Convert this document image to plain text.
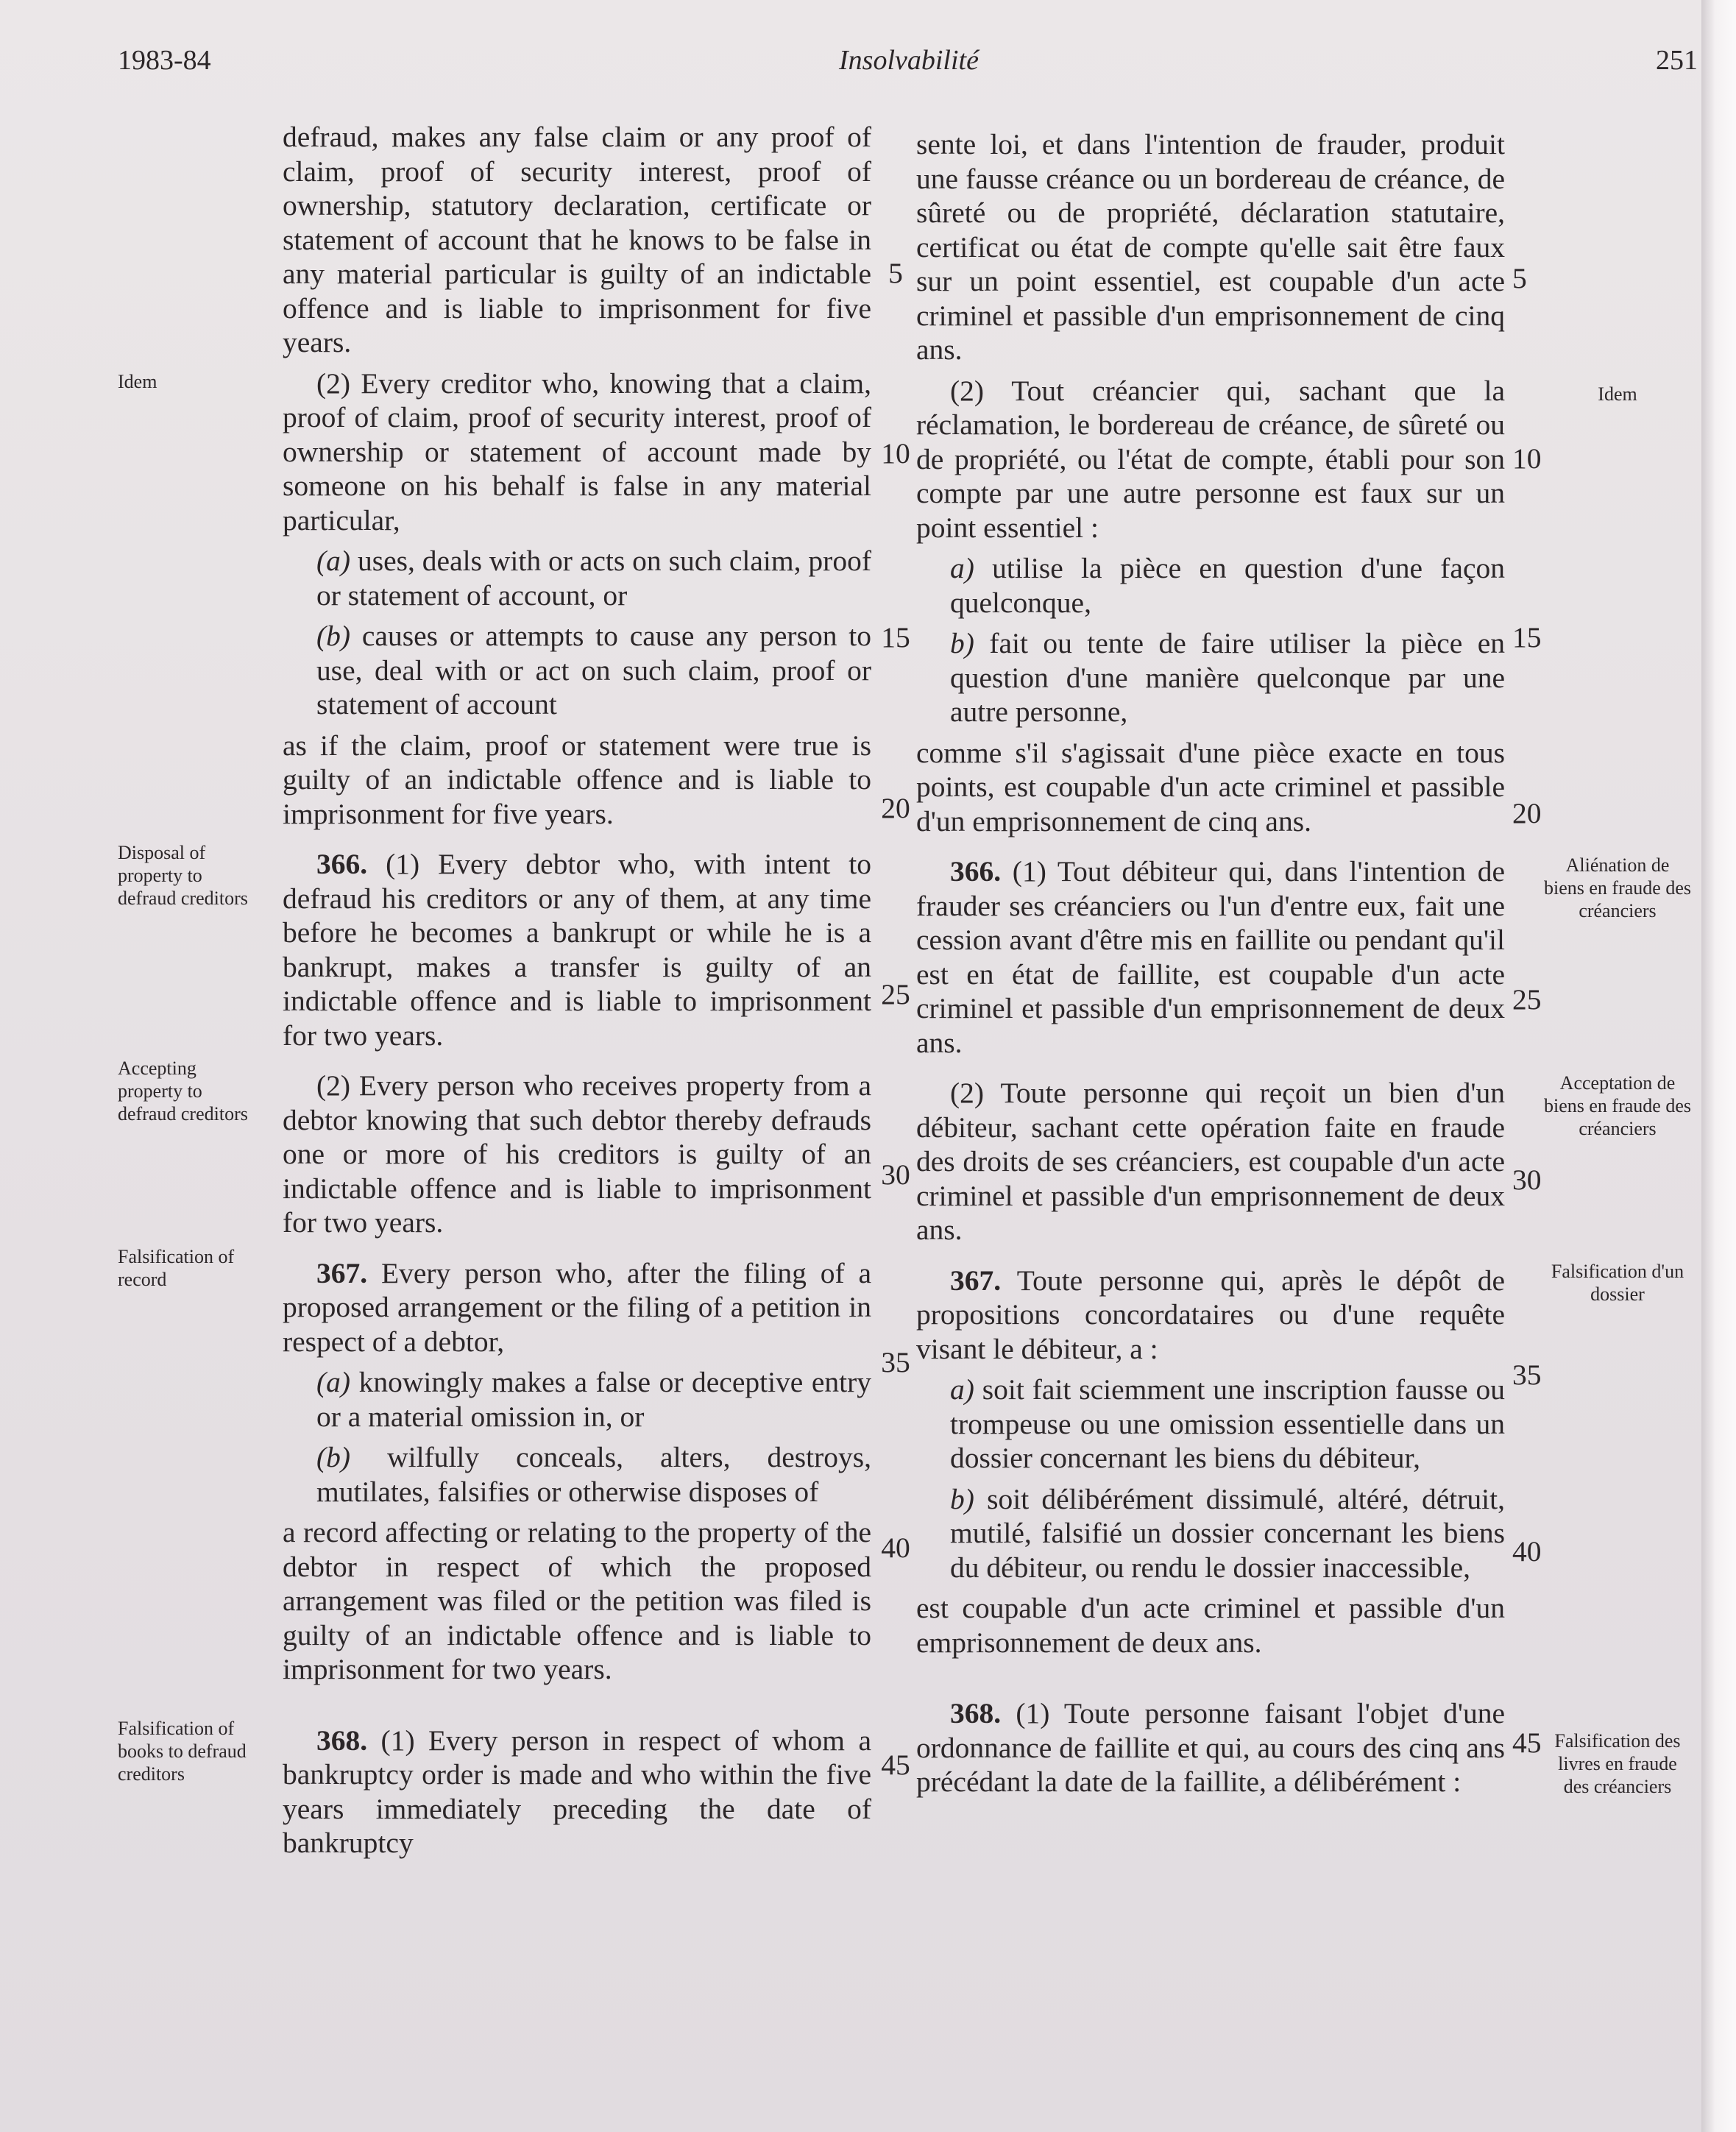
1983-84	Insolvabilité	251
Idem
Disposal of property to defraud creditors
Accepting property to defraud creditors
Falsification of record
Falsification of books to defraud creditors
Idem
Aliénation de biens en fraude des créanciers
Acceptation de biens en fraude des créanciers
Falsification d'un dossier
Falsification des livres en fraude des créanciers

defraud, makes any false claim or any proof of claim, proof of security interest, proof of ownership, statutory declaration, certificate or statement of account that he knows to be false in any material particular is guilty of an indictable offence and is liable to imprisonment for five years.

(2) Every creditor who, knowing that a claim, proof of claim, proof of security interest, proof of ownership or statement of account made by someone on his behalf is false in any material particular,

(a) uses, deals with or acts on such claim, proof or statement of account, or

(b) causes or attempts to cause any person to use, deal with or act on such claim, proof or statement of account

as if the claim, proof or statement were true is guilty of an indictable offence and is liable to imprisonment for five years.

366. (1) Every debtor who, with intent to defraud his creditors or any of them, at any time before he becomes a bankrupt or while he is a bankrupt, makes a transfer is guilty of an indictable offence and is liable to imprisonment for two years.

(2) Every person who receives property from a debtor knowing that such debtor thereby defrauds one or more of his creditors is guilty of an indictable offence and is liable to imprisonment for two years.

367. Every person who, after the filing of a proposed arrangement or the filing of a petition in respect of a debtor,

(a) knowingly makes a false or deceptive entry or a material omission in, or

(b) wilfully conceals, alters, destroys, mutilates, falsifies or otherwise disposes of

a record affecting or relating to the property of the debtor in respect of which the proposed arrangement was filed or the petition was filed is guilty of an indictable offence and is liable to imprisonment for two years.

368. (1) Every person in respect of whom a bankruptcy order is made and who within the five years immediately preceding the date of bankruptcy

sente loi, et dans l'intention de frauder, produit une fausse créance ou un bordereau de créance, de sûreté ou de propriété, déclaration statutaire, certificat ou état de compte qu'elle sait être faux sur un point essentiel, est coupable d'un acte criminel et passible d'un emprisonnement de cinq ans.

(2) Tout créancier qui, sachant que la réclamation, le bordereau de créance, de sûreté ou de propriété, ou l'état de compte, établi pour son compte par une autre personne est faux sur un point essentiel :

a) utilise la pièce en question d'une façon quelconque,

b) fait ou tente de faire utiliser la pièce en question d'une manière quelconque par une autre personne,

comme s'il s'agissait d'une pièce exacte en tous points, est coupable d'un acte criminel et passible d'un emprisonnement de cinq ans.

366. (1) Tout débiteur qui, dans l'intention de frauder ses créanciers ou l'un d'entre eux, fait une cession avant d'être mis en faillite ou pendant qu'il est en état de faillite, est coupable d'un acte criminel et passible d'un emprisonnement de deux ans.

(2) Toute personne qui reçoit un bien d'un débiteur, sachant cette opération faite en fraude des droits de ses créanciers, est coupable d'un acte criminel et passible d'un emprisonnement de deux ans.

367. Toute personne qui, après le dépôt de propositions concordataires ou d'une requête visant le débiteur, a :

a) soit fait sciemment une inscription fausse ou trompeuse ou une omission essentielle dans un dossier concernant les biens du débiteur,

b) soit délibérément dissimulé, altéré, détruit, mutilé, falsifié un dossier concernant les biens du débiteur, ou rendu le dossier inaccessible,

est coupable d'un acte criminel et passible d'un emprisonnement de deux ans.

368. (1) Toute personne faisant l'objet d'une ordonnance de faillite et qui, au cours des cinq ans précédant la date de la faillite, a délibérément :

5
10
15
20
25
30
35
40
45
5
10
15
20
25
30
35
40
45
